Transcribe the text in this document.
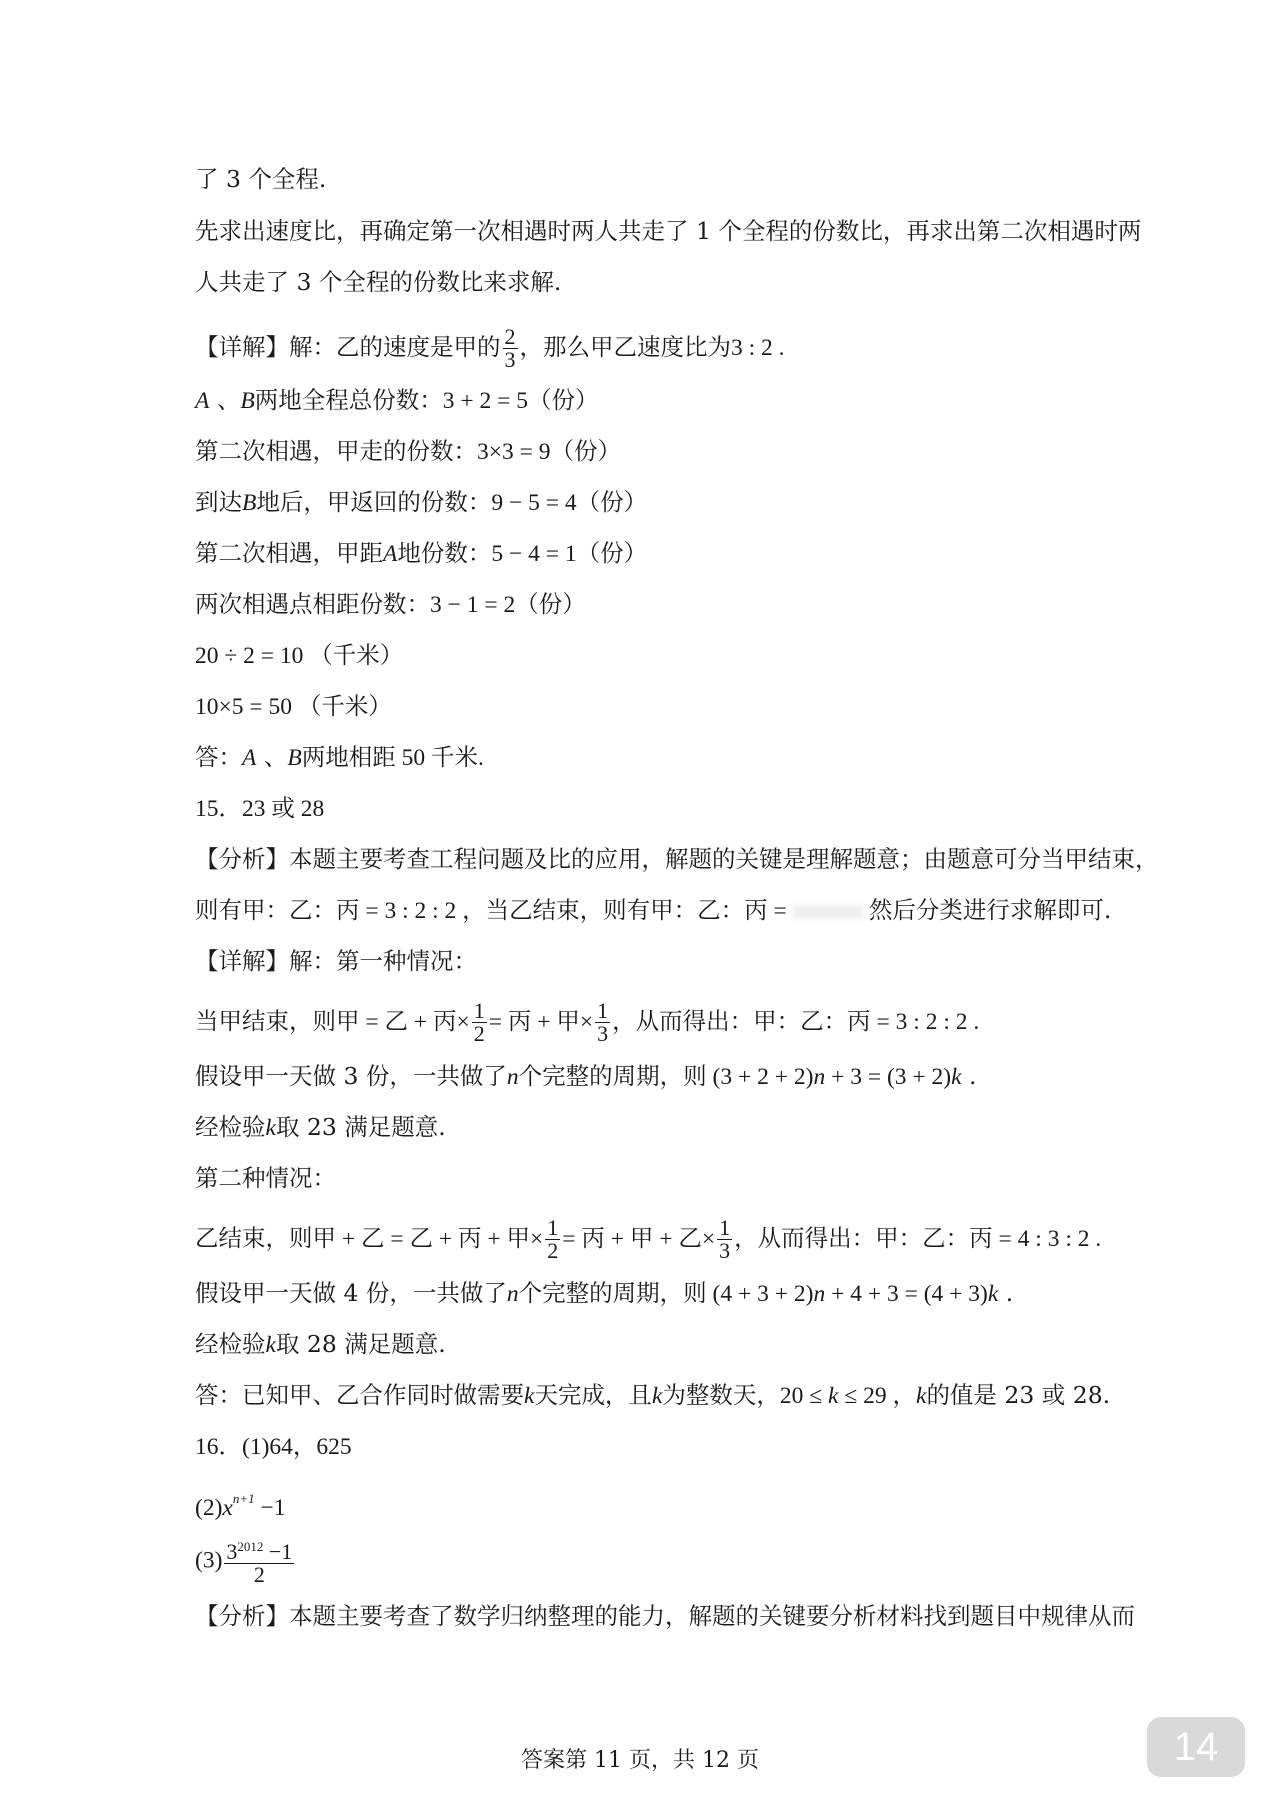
了 3 个全程.
先求出速度比，再确定第一次相遇时两人共走了 1 个全程的份数比，再求出第二次相遇时两
人共走了 3 个全程的份数比来求解.
【详解】解：乙的速度是甲的 $\frac{2}{3}$ ，那么甲乙速度比为3 : 2 .
A 、B两地全程总份数：3 + 2 = 5（份）
第二次相遇，甲走的份数：3×3 = 9（份）
到达B地后，甲返回的份数：9 − 5 = 4（份）
第二次相遇，甲距A地份数：5 − 4 = 1（份）
两次相遇点相距份数：3 − 1 = 2（份）
20 ÷ 2 = 10 （千米）
10×5 = 50 （千米）
答：A 、B两地相距 50 千米.
15．23 或 28
【分析】本题主要考查工程问题及比的应用，解题的关键是理解题意；由题意可分当甲结束，
则有甲：乙：丙 = 3 : 2 : 2 ，当乙结束，则有甲：乙：丙 =	然后分类进行求解即可.
【详解】解：第一种情况：
当甲结束，则甲 = 乙 + 丙× $\frac{1}{2}$ = 丙 + 甲× $\frac{1}{3}$ ，从而得出：甲：乙：丙 = 3 : 2 : 2 .
假设甲一天做 3 份，一共做了n个完整的周期，则 (3 + 2 + 2)n + 3 = (3 + 2)k .
经检验k取 23 满足题意.
第二种情况：
乙结束，则甲 + 乙 = 乙 + 丙 + 甲× $\frac{1}{2}$ = 丙 + 甲 + 乙× $\frac{1}{3}$ ，从而得出：甲：乙：丙 = 4 : 3 : 2 .
假设甲一天做 4 份，一共做了n个完整的周期，则 (4 + 3 + 2)n + 4 + 3 = (4 + 3)k .
经检验k取 28 满足题意.
答：已知甲、乙合作同时做需要k天完成，且k为整数天，20 ≤ k ≤ 29 ，k的值是 23 或 28.
16．(1)64，625
$(2)x^{n+1} -1$
$(3) \frac{3^{2012} -1}{2}$
【分析】本题主要考查了数学归纳整理的能力，解题的关键要分析材料找到题目中规律从而
答案第 11 页，共 12 页	14
